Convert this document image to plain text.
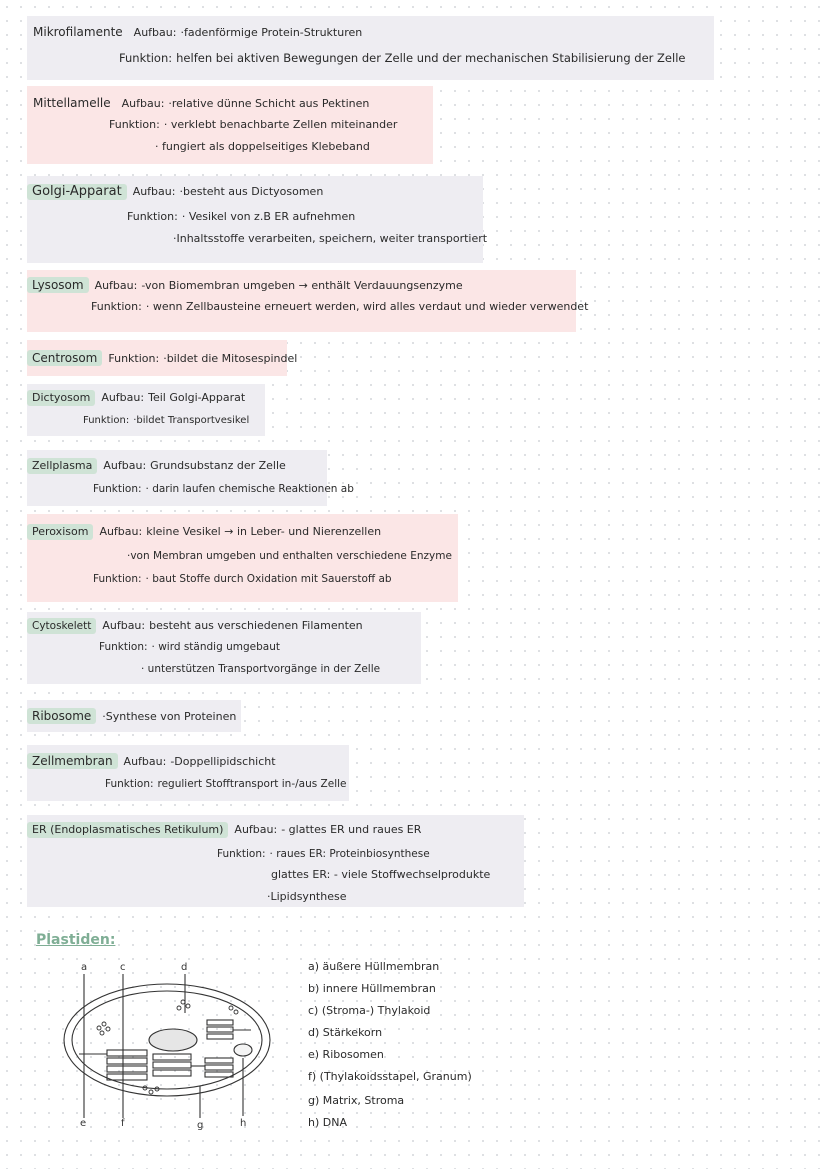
Mikrofilamente Aufbau: ·fadenförmige Protein-Strukturen
Funktion: helfen bei aktiven Bewegungen der Zelle und der mechanischen Stabilisierung der Zelle
Mittellamelle Aufbau: ·relative dünne Schicht aus Pektinen
Funktion: · verklebt benachbarte Zellen miteinander
· fungiert als doppelseitiges Klebeband
Golgi-Apparat Aufbau: ·besteht aus Dictyosomen
Funktion: · Vesikel von z.B ER aufnehmen
·Inhaltsstoffe verarbeiten, speichern, weiter transportiert
Lysosom Aufbau: -von Biomembran umgeben → enthält Verdauungsenzyme
Funktion: · wenn Zellbausteine erneuert werden, wird alles verdaut und wieder verwendet
Centrosom Funktion: ·bildet die Mitosespindel
Dictyosom Aufbau: Teil Golgi-Apparat
Funktion: ·bildet Transportvesikel
Zellplasma Aufbau: Grundsubstanz der Zelle
Funktion: · darin laufen chemische Reaktionen ab
Peroxisom Aufbau: kleine Vesikel → in Leber- und Nierenzellen
·von Membran umgeben und enthalten verschiedene Enzyme
Funktion: · baut Stoffe durch Oxidation mit Sauerstoff ab
Cytoskelett Aufbau: besteht aus verschiedenen Filamenten
Funktion: · wird ständig umgebaut
· unterstützen Transportvorgänge in der Zelle
Ribosome ·Synthese von Proteinen
Zellmembran Aufbau: -Doppellipidschicht
Funktion: reguliert Stofftransport in-/aus Zelle
ER (Endoplasmatisches Retikulum) Aufbau: - glattes ER und raues ER
Funktion: · raues ER: Proteinbiosynthese
glattes ER: - viele Stoffwechselprodukte
·Lipidsynthese
Plastiden:
a	c	d
e	f	g	h
a) äußere Hüllmembran
b) innere Hüllmembran
c) (Stroma-) Thylakoid
d) Stärkekorn
e) Ribosomen
f) (Thylakoidsstapel, Granum)
g) Matrix, Stroma
h) DNA
